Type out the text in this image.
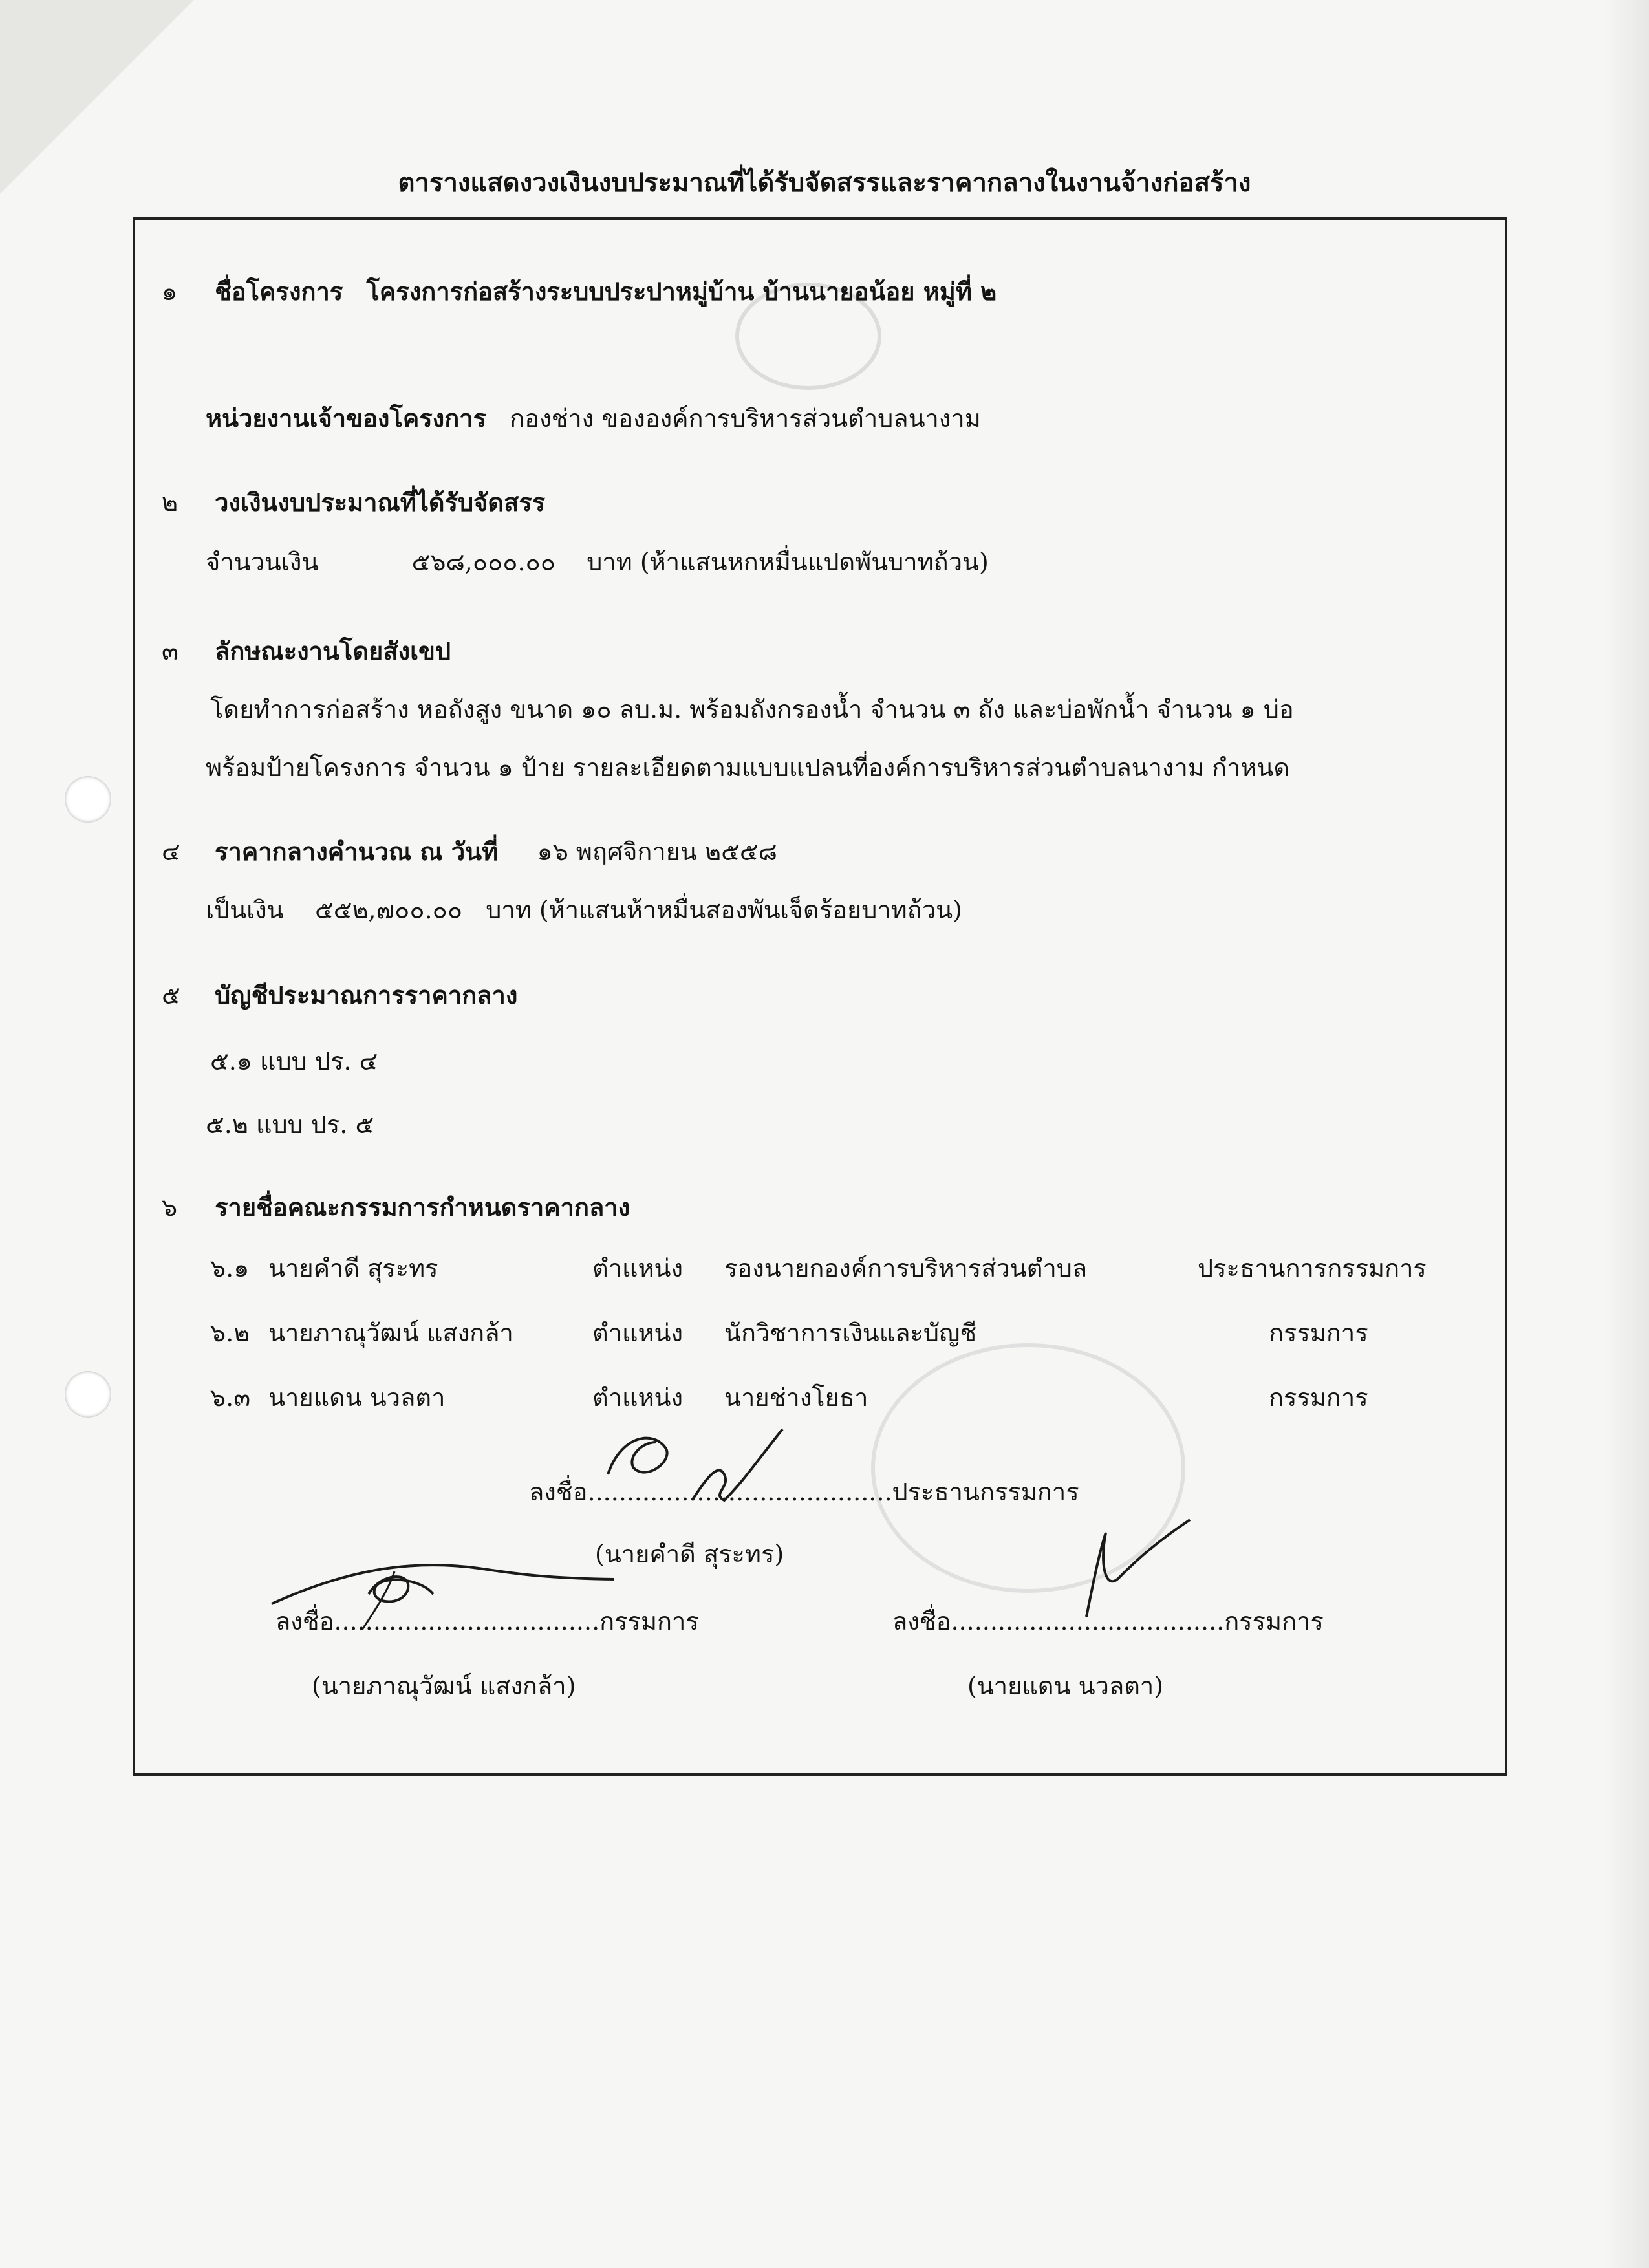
ตารางแสดงวงเงินงบประมาณที่ได้รับจัดสรรและราคากลางในงานจ้างก่อสร้าง
๑ ชื่อโครงการ โครงการก่อสร้างระบบประปาหมู่บ้าน บ้านนายอน้อย หมู่ที่ ๒
หน่วยงานเจ้าของโครงการ กองช่าง ขององค์การบริหารส่วนตำบลนางาม
๒ วงเงินงบประมาณที่ได้รับจัดสรร
จำนวนเงิน	๕๖๘,๐๐๐.๐๐ บาท (ห้าแสนหกหมื่นแปดพันบาทถ้วน)
๓ ลักษณะงานโดยสังเขป
โดยทำการก่อสร้าง หอถังสูง ขนาด ๑๐ ลบ.ม. พร้อมถังกรองน้ำ จำนวน ๓ ถัง และบ่อพักน้ำ จำนวน ๑ บ่อ
พร้อมป้ายโครงการ จำนวน ๑ ป้าย รายละเอียดตามแบบแปลนที่องค์การบริหารส่วนตำบลนางาม กำหนด
๔ ราคากลางคำนวณ ณ วันที่ ๑๖ พฤศจิกายน ๒๕๕๘
เป็นเงิน ๕๕๒,๗๐๐.๐๐ บาท (ห้าแสนห้าหมื่นสองพันเจ็ดร้อยบาทถ้วน)
๕ บัญชีประมาณการราคากลาง
๕.๑ แบบ ปร. ๔
๕.๒ แบบ ปร. ๕
๖ รายชื่อคณะกรรมการกำหนดราคากลาง
๖.๑ นายคำดี สุระทร	ตำแหน่ง รองนายกองค์การบริหารส่วนตำบล	ประธานการกรรมการ
๖.๒ นายภาณุวัฒน์ แสงกล้า	ตำแหน่ง นักวิชาการเงินและบัญชี	กรรมการ
๖.๓ นายแดน นวลตา	ตำแหน่ง นายช่างโยธา	กรรมการ
ลงชื่อ.......................................ประธานกรรมการ
(นายคำดี สุระทร)
ลงชื่อ..................................กรรมการ
(นายภาณุวัฒน์ แสงกล้า)
ลงชื่อ...................................กรรมการ
(นายแดน นวลตา)
